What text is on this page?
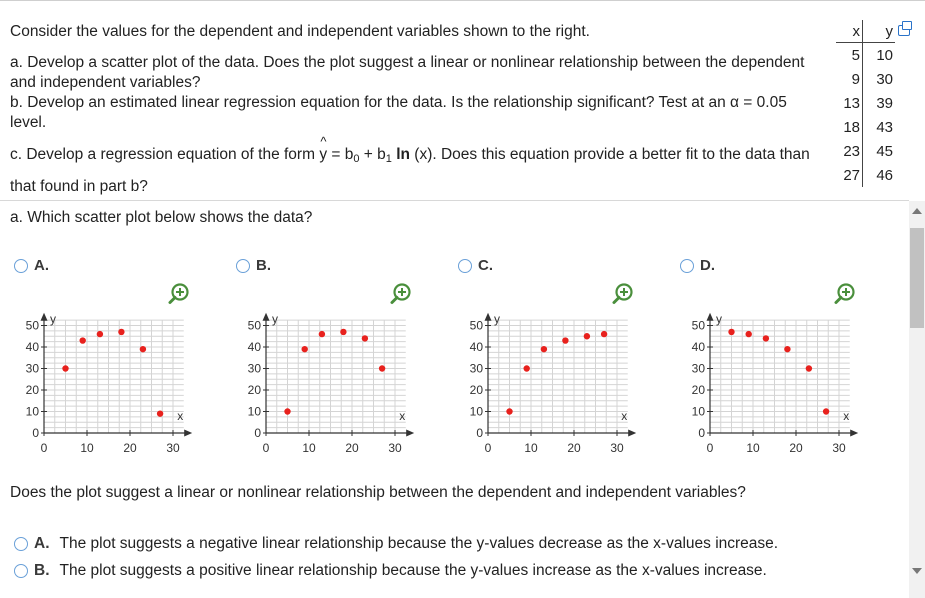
Consider the values for the dependent and independent variables shown to the right.

a. Develop a scatter plot of the data. Does the plot suggest a linear or nonlinear relationship between the dependent and independent variables?

b. Develop an estimated linear regression equation for the data. Is the relationship significant? Test at an α = 0.05 level.

c. Develop a regression equation of the form ^ $y = b_0 + b_1$ ln (x). Does this equation provide a better fit to the data than that found in part b?

x	y
5	10
9	30
13	39
18	43
23	45
27	46
a. Which scatter plot below shows the data?
A.	B.	C.	D.
x
y
0	10 20 30
0
10
20
30
40
50
x
y
0	10 20 30
0
10
20
30
40
50
x
y
0	10 20 30
0
10
20
30
40
50
x
y
0	10 20 30
0
10
20
30
40
50
Does the plot suggest a linear or nonlinear relationship between the dependent and independent variables?
A. The plot suggests a negative linear relationship because the y-values decrease as the x-values increase.
B. The plot suggests a positive linear relationship because the y-values increase as the x-values increase.
